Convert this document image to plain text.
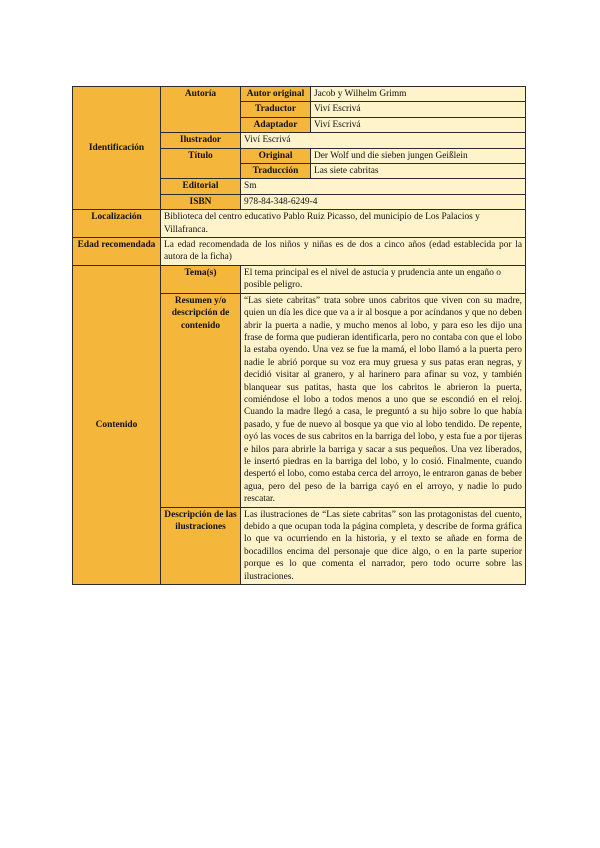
Identificación	Autoría	Autor original	Jacob y Wilhelm Grimm
		Traductor	Viví Escrivá
		Adaptador	Viví Escrivá
	Ilustrador	Viví Escrivá	
	Título	Original	Der Wolf und die sieben jungen Geißlein
		Traducción	Las siete cabritas
	Editorial	Sm	
	ISBN	978-84-348-6249-4	
Localización	Biblioteca del centro educativo Pablo Ruiz Picasso, del municipio de Los Palacios y Villafranca.		
Edad recomendada	La edad recomendada de los niños y niñas es de dos a cinco años (edad establecida por la autora de la ficha)		
Contenido	Tema(s)	El tema principal es el nivel de astucia y prudencia ante un engaño o posible peligro.	
	Resumen y/o descripción de contenido	“Las siete cabritas” trata sobre unos cabritos que viven con su madre, quien un día les dice que va a ir al bosque a por acíndanos y que no deben abrir la puerta a nadie, y mucho menos al lobo, y para eso les dijo una frase de forma que pudieran identificarla, pero no contaba con que el lobo la estaba oyendo. Una vez se fue la mamá, el lobo llamó a la puerta pero nadie le abrió porque su voz era muy gruesa y sus patas eran negras, y decidió visitar al granero, y al harinero para afinar su voz, y también blanquear sus patitas, hasta que los cabritos le abrieron la puerta, comiéndose el lobo a todos menos a uno que se escondió en el reloj. Cuando la madre llegó a casa, le preguntó a su hijo sobre lo que había pasado, y fue de nuevo al bosque ya que vio al lobo tendido. De repente, oyó las voces de sus cabritos en la barriga del lobo, y esta fue a por tijeras e hilos para abrirle la barriga y sacar a sus pequeños. Una vez liberados, le insertó piedras en la barriga del lobo, y lo cosió. Finalmente, cuando despertó el lobo, como estaba cerca del arroyo, le entraron ganas de beber agua, pero del peso de la barriga cayó en el arroyo, y nadie lo pudo rescatar.	
	Descripción de las ilustraciones	Las ilustraciones de “Las siete cabritas” son las protagonistas del cuento, debido a que ocupan toda la página completa, y describe de forma gráfica lo que va ocurriendo en la historia, y el texto se añade en forma de bocadillos encima del personaje que dice algo, o en la parte superior porque es lo que comenta el narrador, pero todo ocurre sobre las ilustraciones.	
